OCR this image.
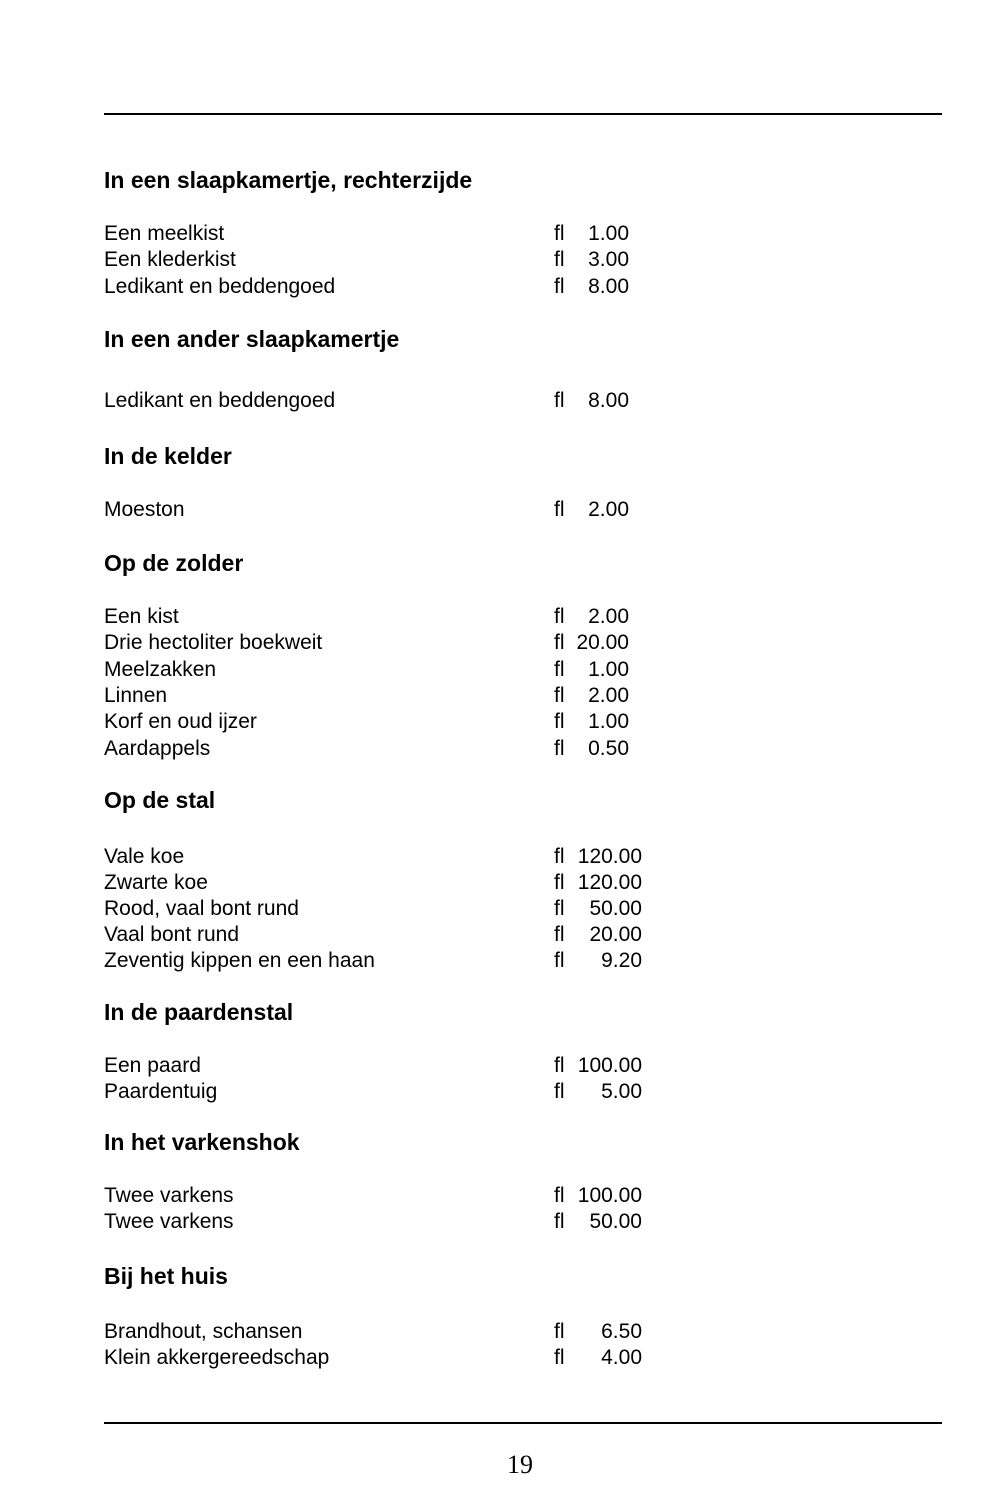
In een slaapkamertje, rechterzijde
Een meelkist	fl 1.00
Een klederkist	fl 3.00
Ledikant en beddengoed	fl 8.00
In een ander slaapkamertje
Ledikant en beddengoed	fl 8.00
In de kelder
Moeston	fl 2.00
Op de zolder
Een kist	fl 2.00
Drie hectoliter boekweit	fl 20.00
Meelzakken	fl 1.00
Linnen	fl 2.00
Korf en oud ijzer	fl 1.00
Aardappels	fl 0.50
Op de stal
Vale koe	fl 120.00
Zwarte koe	fl 120.00
Rood, vaal bont rund	fl 50.00
Vaal bont rund	fl 20.00
Zeventig kippen en een haan	fl 9.20
In de paardenstal
Een paard	fl 100.00
Paardentuig	fl 5.00
In het varkenshok
Twee varkens	fl 100.00
Twee varkens	fl 50.00
Bij het huis
Brandhout, schansen	fl 6.50
Klein akkergereedschap	fl 4.00
19
